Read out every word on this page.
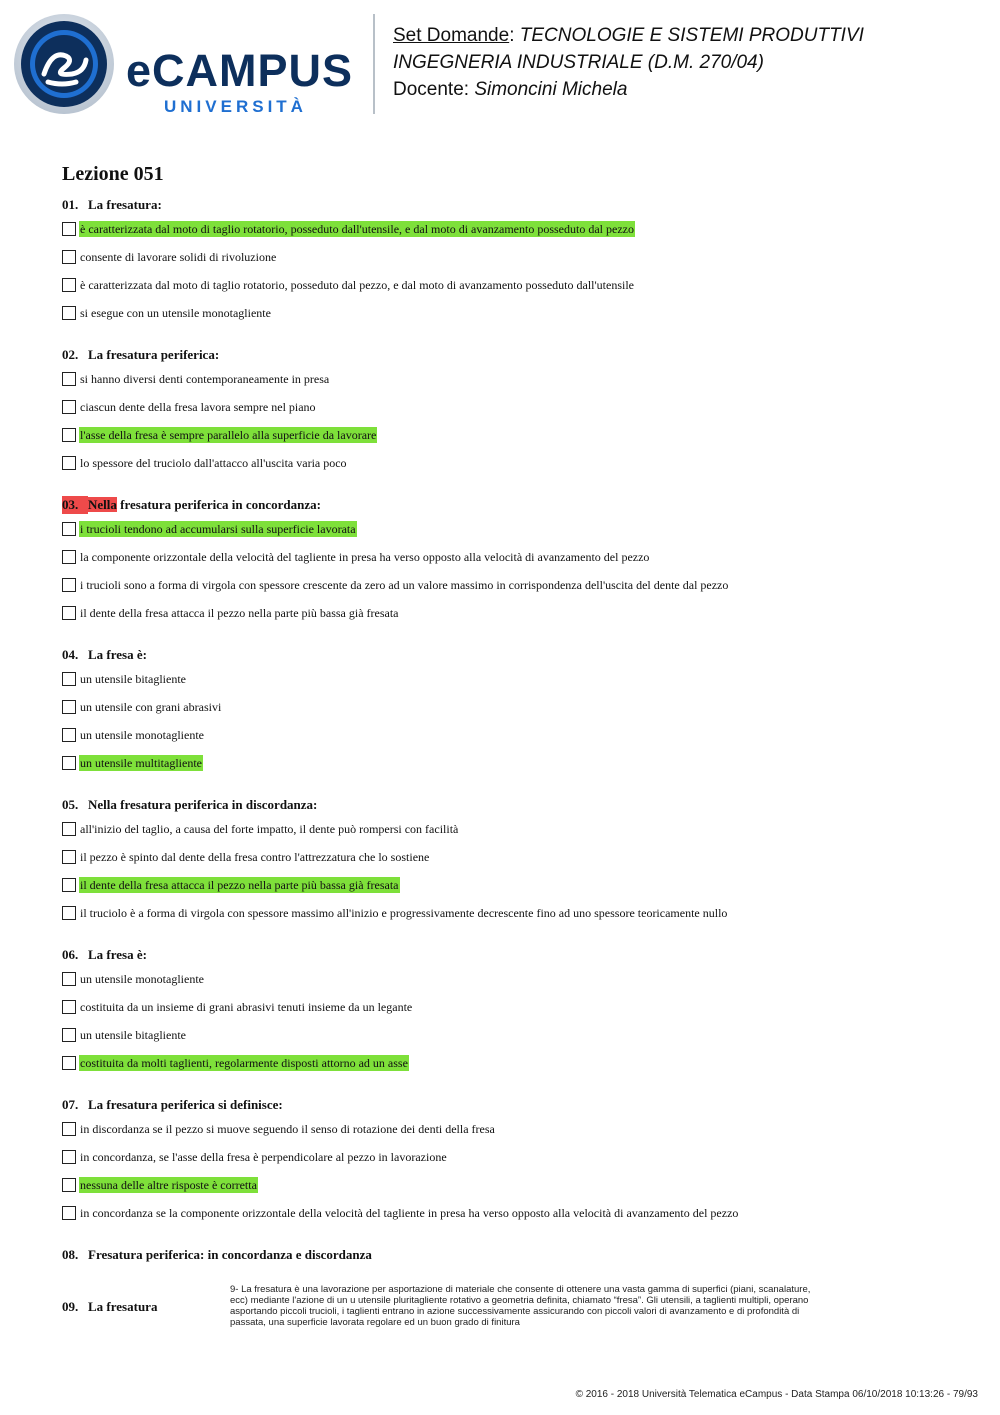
eCAMPUS
UNIVERSITÀ
Set Domande: TECNOLOGIE E SISTEMI PRODUTTIVI
INGEGNERIA INDUSTRIALE (D.M. 270/04)
Docente: Simoncini Michela
Lezione 051
01. La fresatura:
è caratterizzata dal moto di taglio rotatorio, posseduto dall'utensile, e dal moto di avanzamento posseduto dal pezzo
consente di lavorare solidi di rivoluzione
è caratterizzata dal moto di taglio rotatorio, posseduto dal pezzo, e dal moto di avanzamento posseduto dall'utensile
si esegue con un utensile monotagliente
02. La fresatura periferica:
si hanno diversi denti contemporaneamente in presa
ciascun dente della fresa lavora sempre nel piano
l'asse della fresa è sempre parallelo alla superficie da lavorare
lo spessore del truciolo dall'attacco all'uscita varia poco
03. Nella fresatura periferica in concordanza:
i trucioli tendono ad accumularsi sulla superficie lavorata
la componente orizzontale della velocità del tagliente in presa ha verso opposto alla velocità di avanzamento del pezzo
i trucioli sono a forma di virgola con spessore crescente da zero ad un valore massimo in corrispondenza dell'uscita del dente dal pezzo
il dente della fresa attacca il pezzo nella parte più bassa già fresata
04. La fresa è:
un utensile bitagliente
un utensile con grani abrasivi
un utensile monotagliente
un utensile multitagliente
05. Nella fresatura periferica in discordanza:
all'inizio del taglio, a causa del forte impatto, il dente può rompersi con facilità
il pezzo è spinto dal dente della fresa contro l'attrezzatura che lo sostiene
il dente della fresa attacca il pezzo nella parte più bassa già fresata
il truciolo è a forma di virgola con spessore massimo all'inizio e progressivamente decrescente fino ad uno spessore teoricamente nullo
06. La fresa è:
un utensile monotagliente
costituita da un insieme di grani abrasivi tenuti insieme da un legante
un utensile bitagliente
costituita da molti taglienti, regolarmente disposti attorno ad un asse
07. La fresatura periferica si definisce:
in discordanza se il pezzo si muove seguendo il senso di rotazione dei denti della fresa
in concordanza, se l'asse della fresa è perpendicolare al pezzo in lavorazione
nessuna delle altre risposte è corretta
in concordanza se la componente orizzontale della velocità del tagliente in presa ha verso opposto alla velocità di avanzamento del pezzo
08. Fresatura periferica: in concordanza e discordanza
09. La fresatura
9- La fresatura è una lavorazione per asportazione di materiale che consente di ottenere una vasta gamma di superfici (piani, scanalature, ecc) mediante l'azione di un u utensile pluritagliente rotativo a geometria definita, chiamato “fresa”. Gli utensili, a taglienti multipli, operano asportando piccoli trucioli, i taglienti entrano in azione successivamente assicurando con piccoli valori di avanzamento e di profondità di passata, una superficie lavorata regolare ed un buon grado di finitura
© 2016 - 2018 Università Telematica eCampus - Data Stampa 06/10/2018 10:13:26 - 79/93
